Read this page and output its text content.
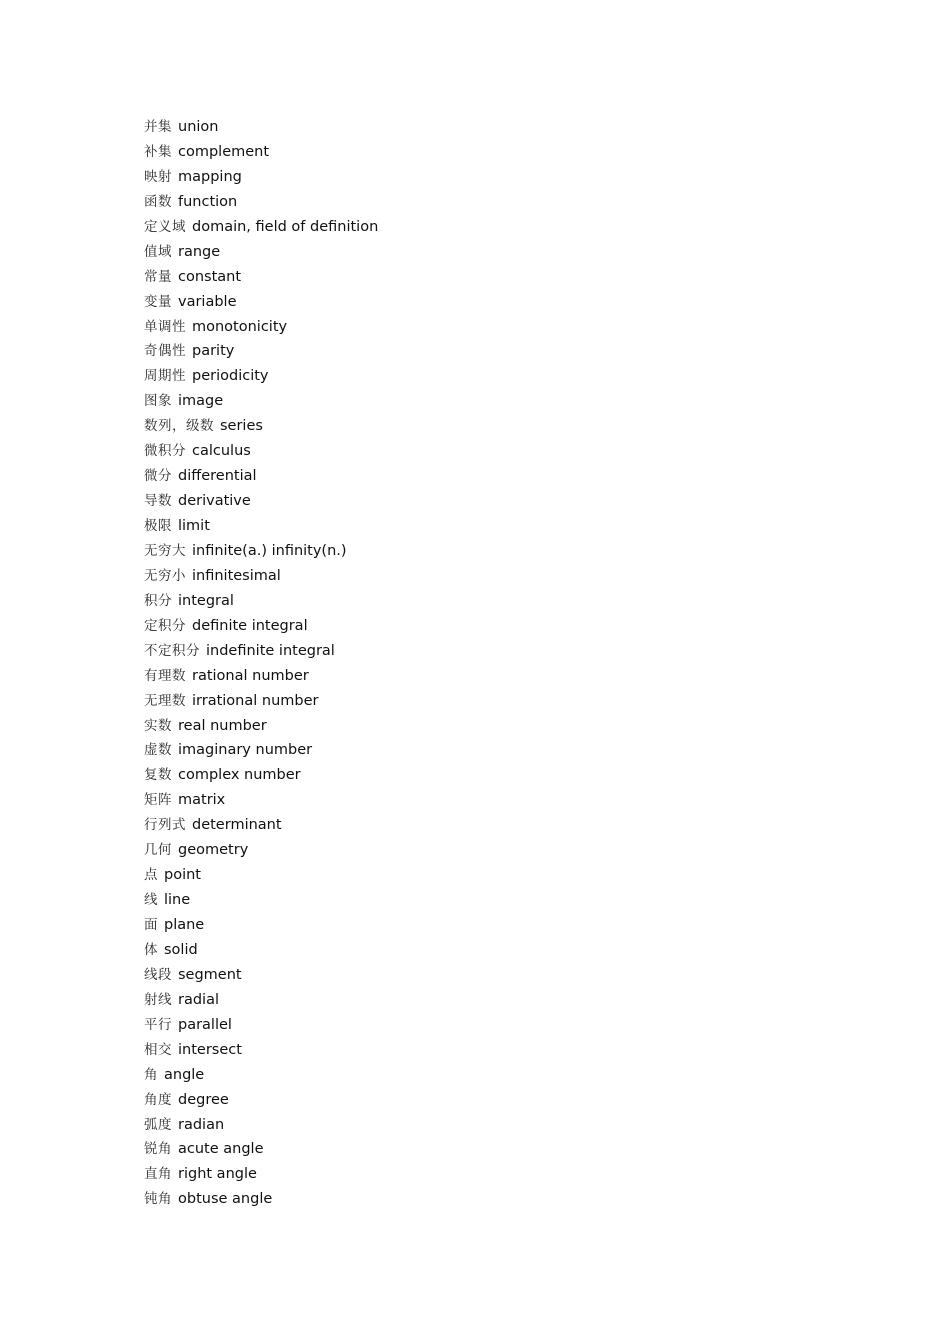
并集 union
补集 complement
映射 mapping
函数 function
定义域 domain, field of definition
值域 range
常量 constant
变量 variable
单调性 monotonicity
奇偶性 parity
周期性 periodicity
图象 image
数列，级数 series
微积分 calculus
微分 differential
导数 derivative
极限 limit
无穷大 infinite(a.) infinity(n.)
无穷小 infinitesimal
积分 integral
定积分 definite integral
不定积分 indefinite integral
有理数 rational number
无理数 irrational number
实数 real number
虚数 imaginary number
复数 complex number
矩阵 matrix
行列式 determinant
几何 geometry
点 point
线 line
面 plane
体 solid
线段 segment
射线 radial
平行 parallel
相交 intersect
角 angle
角度 degree
弧度 radian
锐角 acute angle
直角 right angle
钝角 obtuse angle
